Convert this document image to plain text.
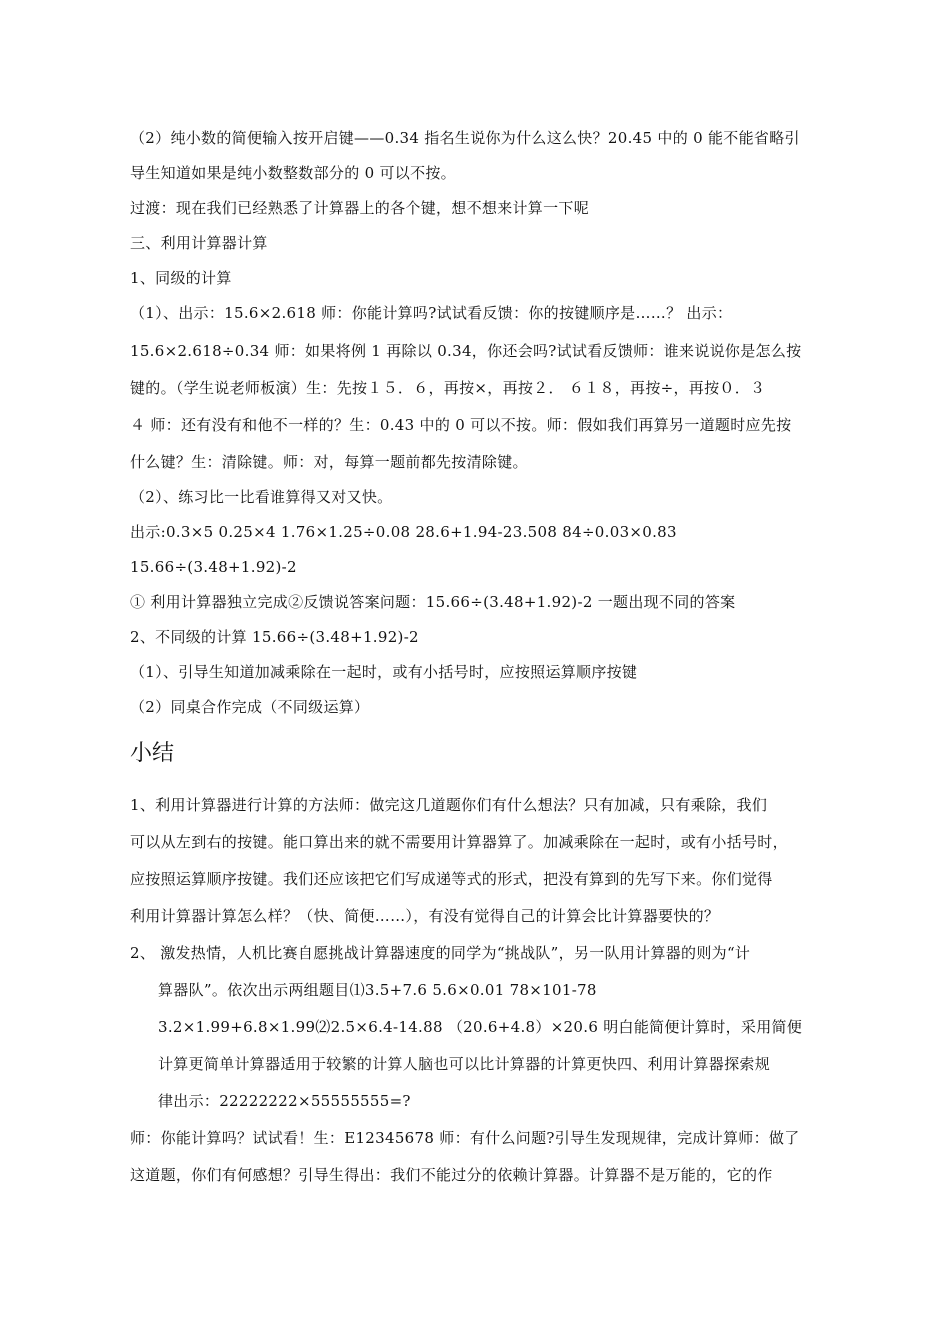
（2）纯小数的简便输入按开启键——0.34 指名生说你为什么这么快？20.45 中的 0 能不能省略引
导生知道如果是纯小数整数部分的 0 可以不按。
过渡：现在我们已经熟悉了计算器上的各个键，想不想来计算一下呢
三、利用计算器计算
1、同级的计算
（1）、出示：15.6×2.618 师：你能计算吗?试试看反馈：你的按键顺序是……？ 出示：
15.6×2.618÷0.34 师：如果将例 1 再除以 0.34，你还会吗?试试看反馈师：谁来说说你是怎么按
键的。（学生说老师板演）生：先按１５．６，再按×，再按２． ６１８，再按÷，再按０．３
４ 师：还有没有和他不一样的？生：0.43 中的 0 可以不按。师：假如我们再算另一道题时应先按
什么键？生：清除键。师：对，每算一题前都先按清除键。
（2）、练习比一比看谁算得又对又快。
出示:0.3×5 0.25×4 1.76×1.25÷0.08 28.6+1.94-23.508 84÷0.03×0.83
15.66÷(3.48+1.92)-2
① 利用计算器独立完成②反馈说答案问题：15.66÷(3.48+1.92)-2 一题出现不同的答案
2、不同级的计算 15.66÷(3.48+1.92)-2
（1）、引导生知道加减乘除在一起时，或有小括号时，应按照运算顺序按键
（2）同桌合作完成（不同级运算）
小结
1、利用计算器进行计算的方法师：做完这几道题你们有什么想法？只有加减，只有乘除，我们
可以从左到右的按键。能口算出来的就不需要用计算器算了。加减乘除在一起时，或有小括号时，
应按照运算顺序按键。我们还应该把它们写成递等式的形式，把没有算到的先写下来。你们觉得
利用计算器计算怎么样？（快、简便……），有没有觉得自己的计算会比计算器要快的？
2、 激发热情，人机比赛自愿挑战计算器速度的同学为“挑战队”，另一队用计算器的则为“计
算器队”。依次出示两组题目⑴3.5+7.6 5.6×0.01 78×101-78
3.2×1.99+6.8×1.99⑵2.5×6.4-14.88 （20.6+4.8）×20.6 明白能简便计算时，采用简便
计算更简单计算器适用于较繁的计算人脑也可以比计算器的计算更快四、利用计算器探索规
律出示：22222222×55555555=?
师：你能计算吗？试试看！生：E12345678 师：有什么问题?引导生发现规律，完成计算师：做了
这道题，你们有何感想？引导生得出：我们不能过分的依赖计算器。计算器不是万能的，它的作
